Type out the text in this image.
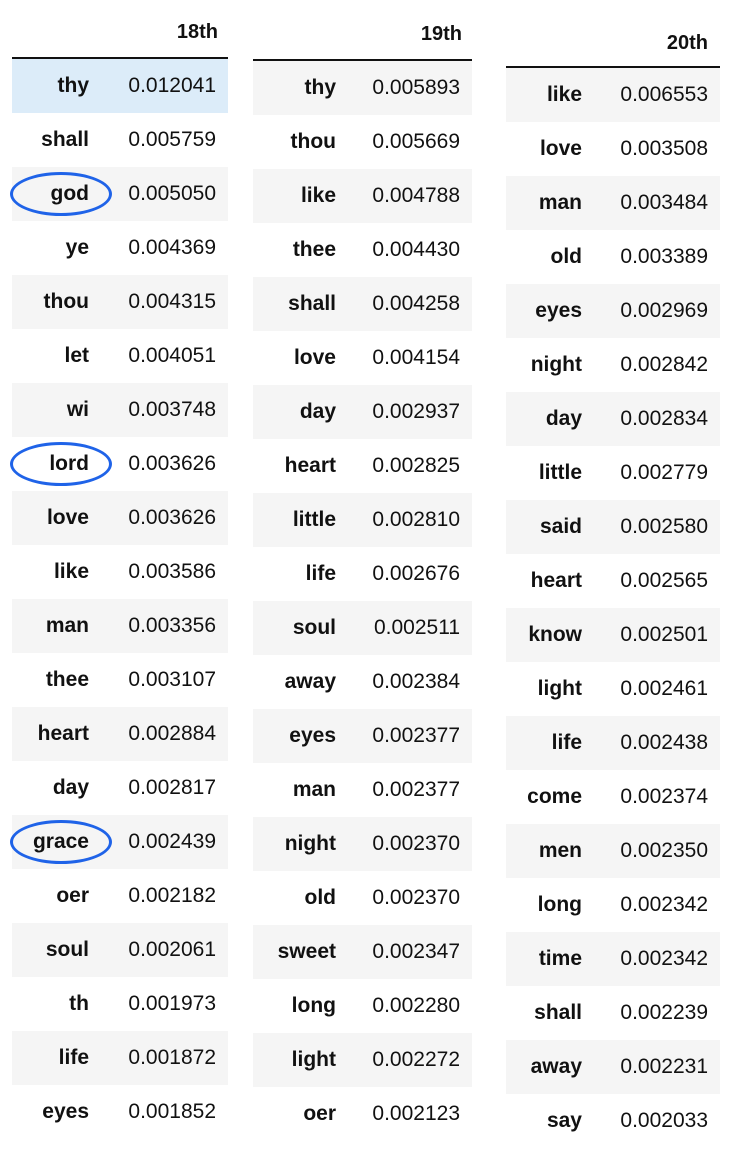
18th
thy	0.012041
shall	0.005759
god	0.005050
ye	0.004369
thou	0.004315
let	0.004051
wi	0.003748
lord	0.003626
love	0.003626
like	0.003586
man	0.003356
thee	0.003107
heart	0.002884
day	0.002817
grace	0.002439
oer	0.002182
soul	0.002061
th	0.001973
life	0.001872
eyes	0.001852
19th
thy	0.005893
thou	0.005669
like	0.004788
thee	0.004430
shall	0.004258
love	0.004154
day	0.002937
heart	0.002825
little	0.002810
life	0.002676
soul	0.002511
away	0.002384
eyes	0.002377
man	0.002377
night	0.002370
old	0.002370
sweet	0.002347
long	0.002280
light	0.002272
oer	0.002123
20th
like	0.006553
love	0.003508
man	0.003484
old	0.003389
eyes	0.002969
night	0.002842
day	0.002834
little	0.002779
said	0.002580
heart	0.002565
know	0.002501
light	0.002461
life	0.002438
come	0.002374
men	0.002350
long	0.002342
time	0.002342
shall	0.002239
away	0.002231
say	0.002033
